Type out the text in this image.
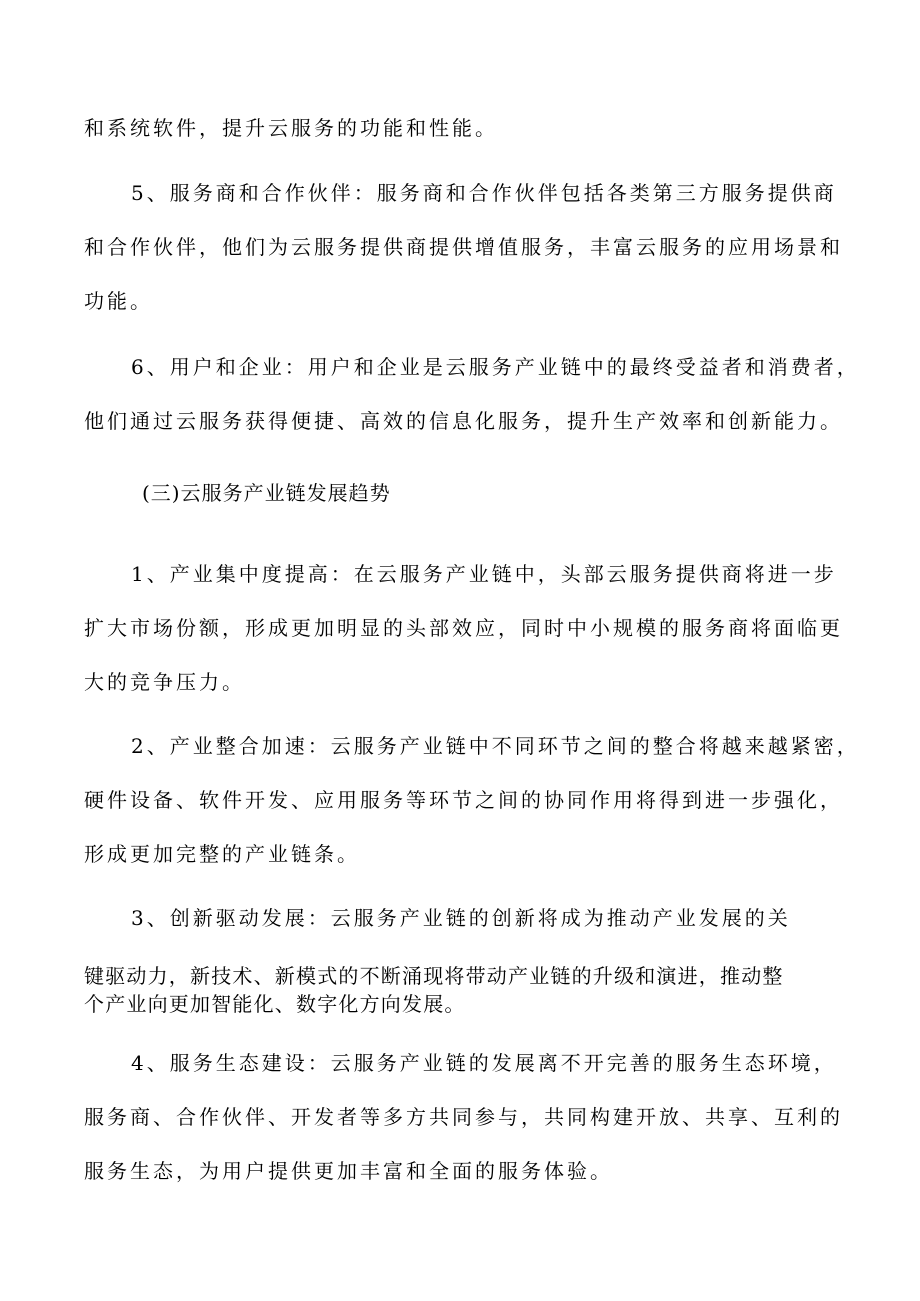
和系统软件，提升云服务的功能和性能。
5、服务商和合作伙伴：服务商和合作伙伴包括各类第三方服务提供商
和合作伙伴，他们为云服务提供商提供增值服务，丰富云服务的应用场景和
功能。
6、用户和企业：用户和企业是云服务产业链中的最终受益者和消费者，
他们通过云服务获得便捷、高效的信息化服务，提升生产效率和创新能力。
(三)云服务产业链发展趋势
1、产业集中度提高：在云服务产业链中，头部云服务提供商将进一步
扩大市场份额，形成更加明显的头部效应，同时中小规模的服务商将面临更
大的竞争压力。
2、产业整合加速：云服务产业链中不同环节之间的整合将越来越紧密，
硬件设备、软件开发、应用服务等环节之间的协同作用将得到进一步强化，
形成更加完整的产业链条。
3、创新驱动发展：云服务产业链的创新将成为推动产业发展的关
键驱动力，新技术、新模式的不断涌现将带动产业链的升级和演进，推动整
个产业向更加智能化、数字化方向发展。
4、服务生态建设：云服务产业链的发展离不开完善的服务生态环境，
服务商、合作伙伴、开发者等多方共同参与，共同构建开放、共享、互利的
服务生态，为用户提供更加丰富和全面的服务体验。
